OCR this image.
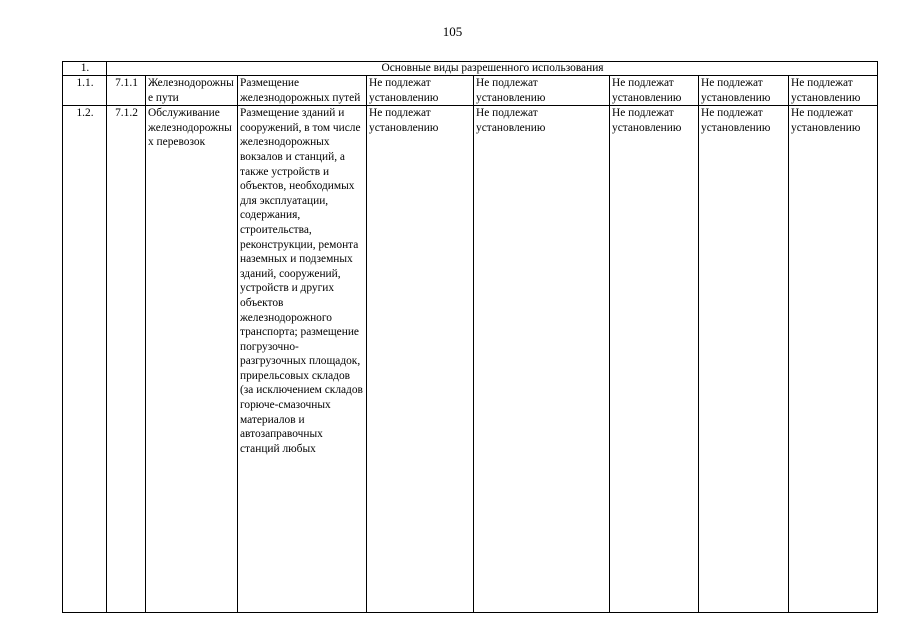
105
1.	Основные виды разрешенного использования							
1.1.	7.1.1	Железнодорожные пути	Размещение железнодорожных путей	Не подлежат установлению	Не подлежат установлению	Не подлежат установлению	Не подлежат установлению	Не подлежат установлению
1.2.	7.1.2	Обслуживание железнодорожных перевозок	Размещение зданий и сооружений, в том числе железнодорожных вокзалов и станций, а также устройств и объектов, необходимых для эксплуатации, содержания, строительства, реконструкции, ремонта наземных и подземных зданий, сооружений, устройств и других объектов железнодорожного транспорта; размещение погрузочно-разгрузочных площадок, прирельсовых складов (за исключением складов горюче-смазочных материалов и автозаправочных станций любых	Не подлежат установлению	Не подлежат установлению	Не подлежат установлению	Не подлежат установлению	Не подлежат установлению
